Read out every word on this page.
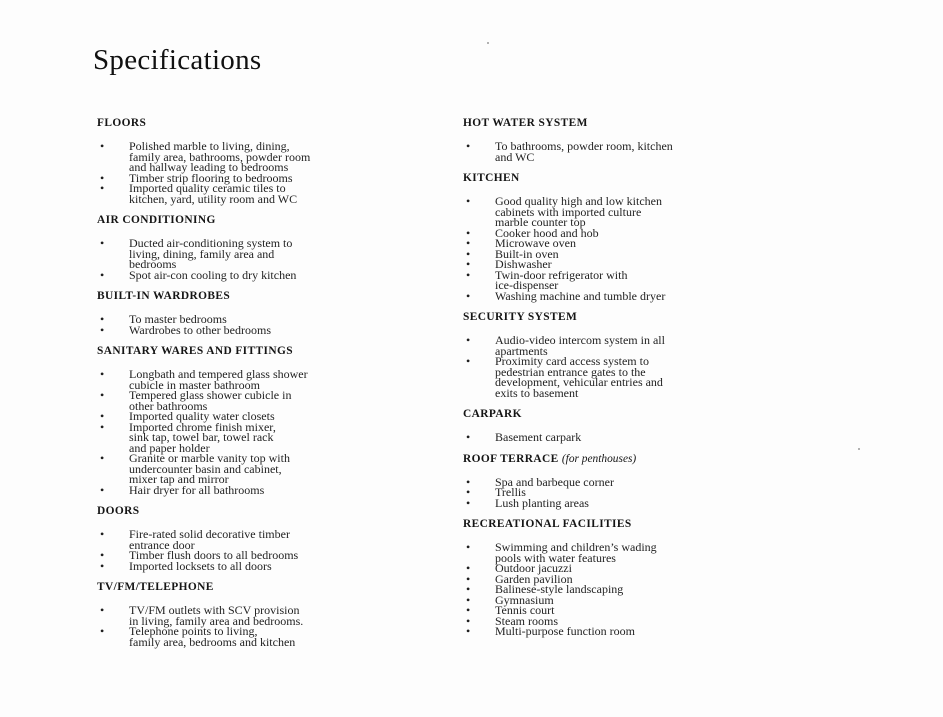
Specifications
FLOORS
• Polished marble to living, dining,
family area, bathrooms, powder room
and hallway leading to bedrooms
• Timber strip flooring to bedrooms
• Imported quality ceramic tiles to
kitchen, yard, utility room and WC
AIR CONDITIONING
• Ducted air-conditioning system to
living, dining, family area and
bedrooms
• Spot air-con cooling to dry kitchen
BUILT-IN WARDROBES
• To master bedrooms
• Wardrobes to other bedrooms
SANITARY WARES AND FITTINGS
• Longbath and tempered glass shower
cubicle in master bathroom
• Tempered glass shower cubicle in
other bathrooms
• Imported quality water closets
• Imported chrome finish mixer,
sink tap, towel bar, towel rack
and paper holder
• Granite or marble vanity top with
undercounter basin and cabinet,
mixer tap and mirror
• Hair dryer for all bathrooms
DOORS
• Fire-rated solid decorative timber
entrance door
• Timber flush doors to all bedrooms
• Imported locksets to all doors
TV/FM/TELEPHONE
• TV/FM outlets with SCV provision
in living, family area and bedrooms.
• Telephone points to living,
family area, bedrooms and kitchen
HOT WATER SYSTEM
• To bathrooms, powder room, kitchen
and WC
KITCHEN
• Good quality high and low kitchen
cabinets with imported culture
marble counter top
• Cooker hood and hob
• Microwave oven
• Built-in oven
• Dishwasher
• Twin-door refrigerator with
ice-dispenser
• Washing machine and tumble dryer
SECURITY SYSTEM
• Audio-video intercom system in all
apartments
• Proximity card access system to
pedestrian entrance gates to the
development, vehicular entries and
exits to basement
CARPARK
• Basement carpark
ROOF TERRACE (for penthouses)
• Spa and barbeque corner
• Trellis
• Lush planting areas
RECREATIONAL FACILITIES
• Swimming and children’s wading
pools with water features
• Outdoor jacuzzi
• Garden pavilion
• Balinese-style landscaping
• Gymnasium
• Tennis court
• Steam rooms
• Multi-purpose function room
